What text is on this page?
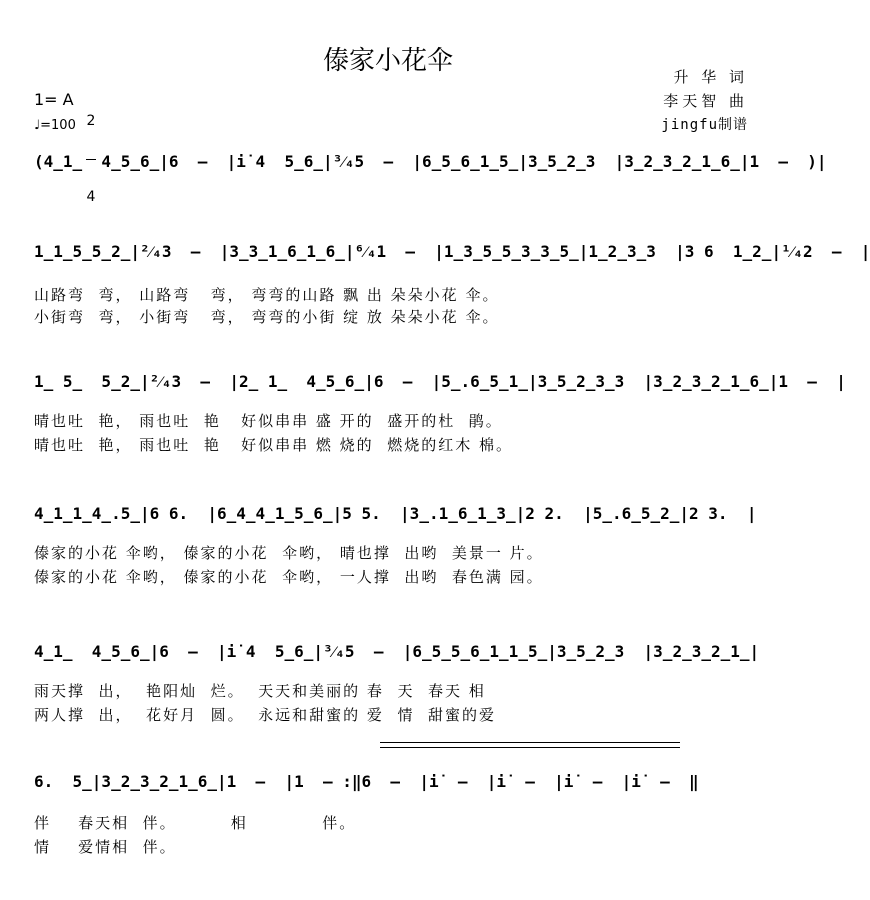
傣家小花伞
升 华 词
李天智 曲
jingfu制谱
1= A

2

4

♩=100
(4̲1̲  4̲5̲6̲|6  –  |i̇ 4  5̲6̲|³⁄₄5  –  |6̲5̲6̲1̲5̲|3̲5̲2̲3  |3̲2̲3̲2̲1̲6̲|1  –  )|
1̲1̲5̲5̲2̲|²⁄₄3  –  |3̲3̲1̲6̲1̲6̲|⁶⁄₄1  –  |1̲3̲5̲5̲3̲3̲5̲|1̲2̲3̲3  |3 6  1̲2̲|¹⁄₄2  –  |
山路弯  弯， 山路弯   弯， 弯弯的山路 飘 出 朵朵小花 伞。
小街弯  弯， 小街弯   弯， 弯弯的小街 绽 放 朵朵小花 伞。
1̲ 5̲  5̲2̲|²⁄₄3  –  |2̲ 1̲  4̲5̲6̲|6  –  |5̲.6̲5̲1̲|3̲5̲2̲3̲3  |3̲2̲3̲2̲1̲6̲|1  –  |
晴也吐  艳， 雨也吐  艳   好似串串 盛 开的  盛开的杜  鹃。
晴也吐  艳， 雨也吐  艳   好似串串 燃 烧的  燃烧的红木 棉。
4̲1̲1̲4̲.5̲|6 6.  |6̲4̲4̲1̲5̲6̲|5 5.  |3̲.1̲6̲1̲3̲|2 2.  |5̲.6̲5̲2̲|2 3.  |
傣家的小花 伞哟， 傣家的小花  伞哟， 晴也撑  出哟  美景一 片。
傣家的小花 伞哟， 傣家的小花  伞哟， 一人撑  出哟  春色满 园。
4̲1̲  4̲5̲6̲|6  –  |i̇ 4  5̲6̲|³⁄₄5  –  |6̲5̲5̲6̲1̲1̲5̲|3̲5̲2̲3  |3̲2̲3̲2̲1̲|
雨天撑  出，  艳阳灿  烂。  天天和美丽的 春  天  春天 相
两人撑  出，  花好月  圆。  永远和甜蜜的 爱  情  甜蜜的爱
6.  5̲|3̲2̲3̲2̲1̲6̲|1  –  |1  – :‖6  –  |i̇  –  |i̇  –  |i̇  –  |i̇  –  ‖
伴    春天相  伴。        相           伴。
情    爱情相  伴。
